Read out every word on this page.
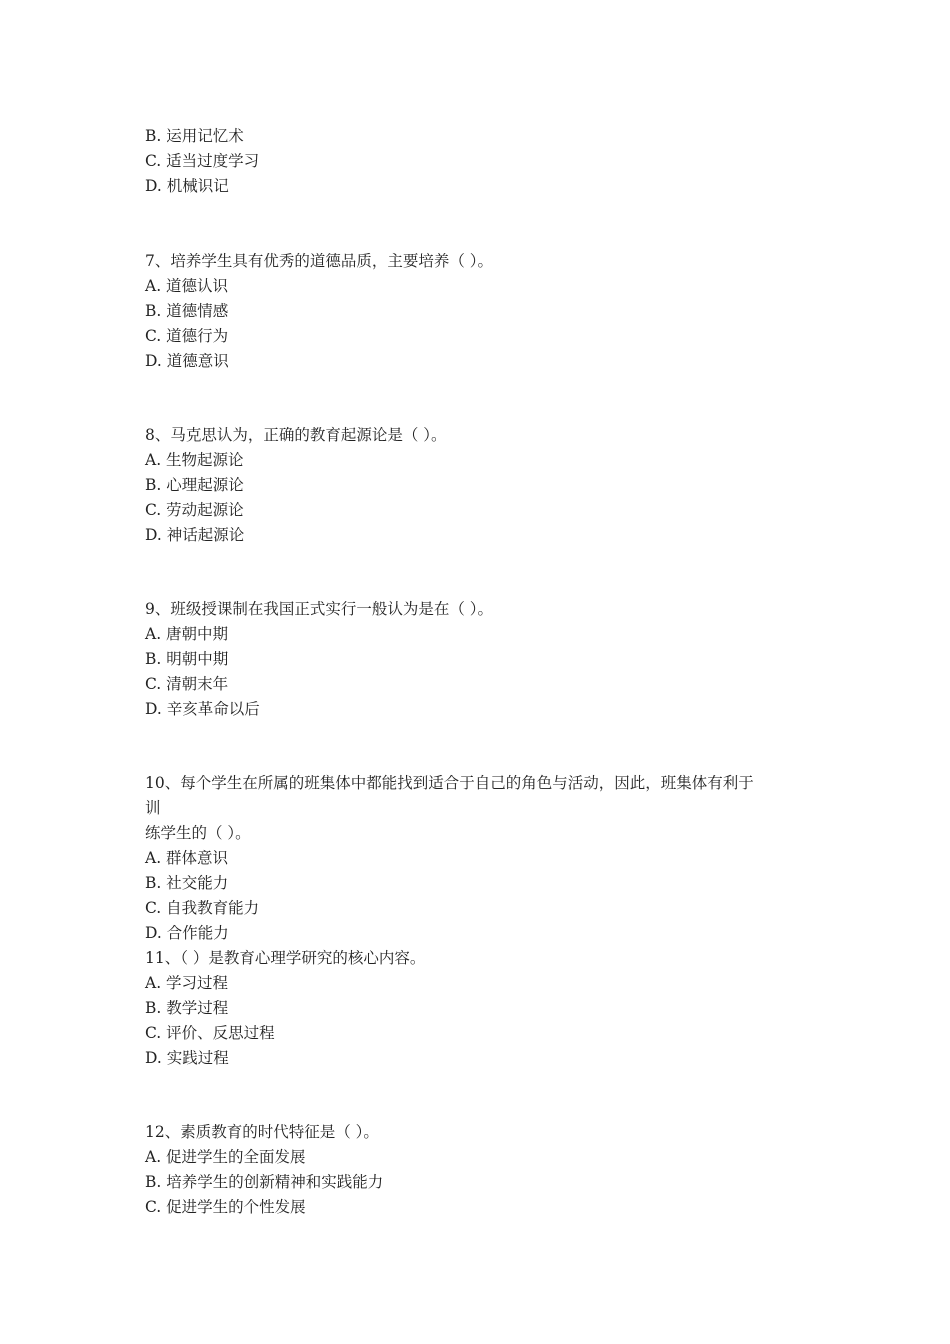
B. 运用记忆术
C. 适当过度学习
D. 机械识记
7、培养学生具有优秀的道德品质，主要培养（ ）。
A. 道德认识
B. 道德情感
C. 道德行为
D. 道德意识
8、马克思认为，正确的教育起源论是（ ）。
A. 生物起源论
B. 心理起源论
C. 劳动起源论
D. 神话起源论
9、班级授课制在我国正式实行一般认为是在（ ）。
A. 唐朝中期
B. 明朝中期
C. 清朝末年
D. 辛亥革命以后
10、每个学生在所属的班集体中都能找到适合于自己的角色与活动，因此，班集体有利于
训
练学生的（ ）。
A. 群体意识
B. 社交能力
C. 自我教育能力
D. 合作能力
11、（ ）是教育心理学研究的核心内容。
A. 学习过程
B. 教学过程
C. 评价、反思过程
D. 实践过程
12、素质教育的时代特征是（ ）。
A. 促进学生的全面发展
B. 培养学生的创新精神和实践能力
C. 促进学生的个性发展
